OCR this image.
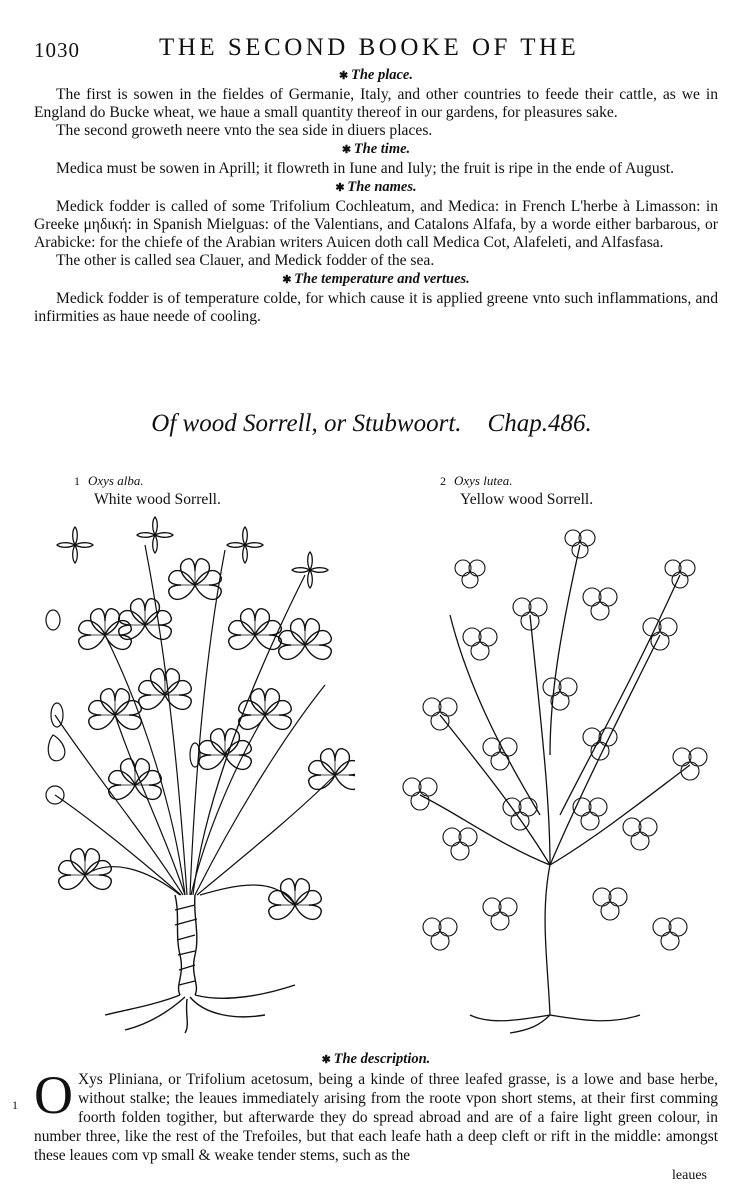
1030	THE SECOND BOOKE OF THE
✱ The place.

The first is sowen in the fieldes of Germanie, Italy, and other countries to feede their cattle, as we in England do Bucke wheat, we haue a small quantity thereof in our gardens, for pleasures sake.

The second groweth neere vnto the sea side in diuers places.

✱ The time.

Medica must be sowen in Aprill; it flowreth in Iune and Iuly; the fruit is ripe in the ende of August.

✱ The names.

Medick fodder is called of some Trifolium Cochleatum, and Medica: in French L'herbe à Limasson: in Greeke μηδική: in Spanish Mielguas: of the Valentians, and Catalons Alfafa, by a worde either barbarous, or Arabicke: for the chiefe of the Arabian writers Auicen doth call Medica Cot, Alafeleti, and Alfasfasa.

The other is called sea Clauer, and Medick fodder of the sea.

✱ The temperature and vertues.

Medick fodder is of temperature colde, for which cause it is applied greene vnto such inflammations, and infirmities as haue neede of cooling.

Of wood Sorrell, or Stubwoort. Chap.486.
1 Oxys alba.
White wood Sorrell.
2 Oxys lutea.
Yellow wood Sorrell.
✱ The description.
1 O Xys Pliniana, or Trifolium acetosum, being a kinde of three leafed grasse, is a lowe and base herbe, without stalke; the leaues immediately arising from the roote vpon short stems, at their first comming foorth folden togither, but afterwarde they do spread abroad and are of a faire light green colour, in number three, like the rest of the Trefoiles, but that each leafe hath a deep cleft or rift in the middle: amongst these leaues com vp small & weake tender stems, such as the

leaues
